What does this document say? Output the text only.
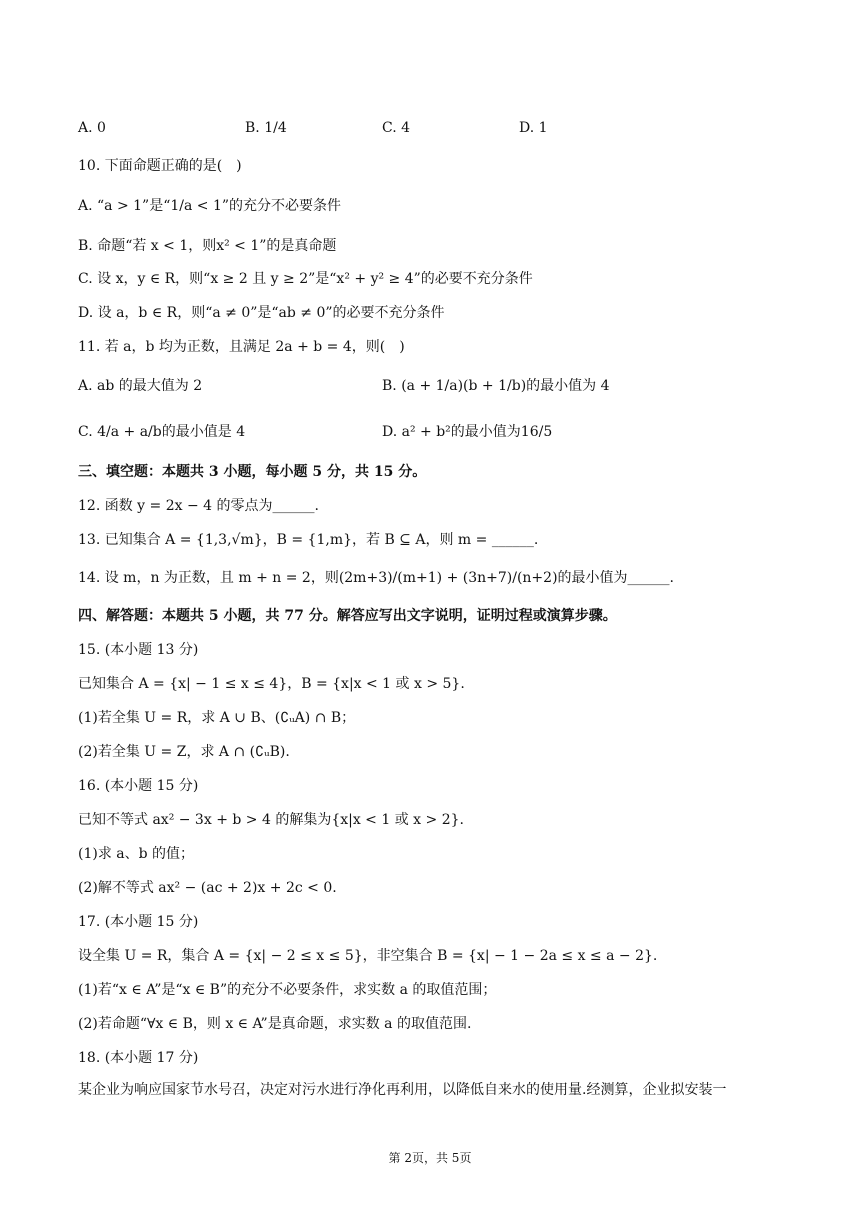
A. 0	B. 1/4	C. 4	D. 1
10. 下面命题正确的是(　)
A. “a > 1”是“1/a < 1”的充分不必要条件
B. 命题“若 x < 1，则x² < 1”的是真命题
C. 设 x，y ∈ R，则“x ≥ 2 且 y ≥ 2”是“x² + y² ≥ 4”的必要不充分条件
D. 设 a，b ∈ R，则“a ≠ 0”是“ab ≠ 0”的必要不充分条件
11. 若 a，b 均为正数，且满足 2a + b = 4，则(　)
A. ab 的最大值为 2	B. (a + 1/a)(b + 1/b)的最小值为 4
C. 4/a + a/b的最小值是 4	D. a² + b²的最小值为16/5
三、填空题：本题共 3 小题，每小题 5 分，共 15 分。
12. 函数 y = 2x − 4 的零点为______.
13. 已知集合 A = {1,3,√m}，B = {1,m}，若 B ⊆ A，则 m = ______.
14. 设 m，n 为正数，且 m + n = 2，则(2m+3)/(m+1) + (3n+7)/(n+2)的最小值为______.
四、解答题：本题共 5 小题，共 77 分。解答应写出文字说明，证明过程或演算步骤。
15. (本小题 13 分)
已知集合 A = {x| − 1 ≤ x ≤ 4}，B = {x|x < 1 或 x > 5}.
(1)若全集 U = R，求 A ∪ B、(∁ᵤA) ∩ B；
(2)若全集 U = Z，求 A ∩ (∁ᵤB).
16. (本小题 15 分)
已知不等式 ax² − 3x + b > 4 的解集为{x|x < 1 或 x > 2}.
(1)求 a、b 的值；
(2)解不等式 ax² − (ac + 2)x + 2c < 0.
17. (本小题 15 分)
设全集 U = R，集合 A = {x| − 2 ≤ x ≤ 5}，非空集合 B = {x| − 1 − 2a ≤ x ≤ a − 2}.
(1)若“x ∈ A”是“x ∈ B”的充分不必要条件，求实数 a 的取值范围；
(2)若命题“∀x ∈ B，则 x ∈ A”是真命题，求实数 a 的取值范围.
18. (本小题 17 分)
某企业为响应国家节水号召，决定对污水进行净化再利用，以降低自来水的使用量.经测算，企业拟安装一
第 2页，共 5页
